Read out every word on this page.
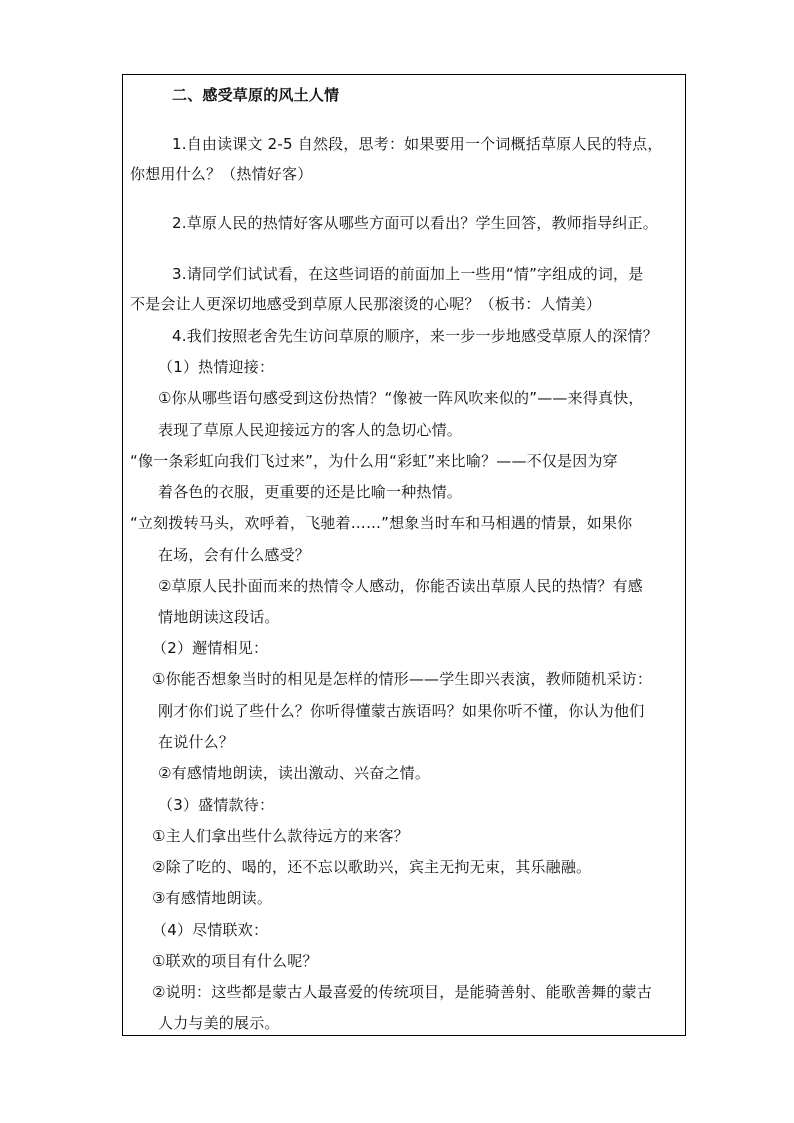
二、感受草原的风土人情
1.自由读课文 2-5 自然段，思考：如果要用一个词概括草原人民的特点，
你想用什么？（热情好客）
2.草原人民的热情好客从哪些方面可以看出？学生回答，教师指导纠正。
3.请同学们试试看，在这些词语的前面加上一些用“情”字组成的词，是
不是会让人更深切地感受到草原人民那滚烫的心呢？（板书：人情美）
4.我们按照老舍先生访问草原的顺序，来一步一步地感受草原人的深情？
（1）热情迎接：
①你从哪些语句感受到这份热情？“像被一阵风吹来似的”——来得真快，
表现了草原人民迎接远方的客人的急切心情。
“像一条彩虹向我们飞过来”，为什么用“彩虹”来比喻？——不仅是因为穿
着各色的衣服，更重要的还是比喻一种热情。
“立刻拨转马头，欢呼着，飞驰着……”想象当时车和马相遇的情景，如果你
在场，会有什么感受？
②草原人民扑面而来的热情令人感动，你能否读出草原人民的热情？有感
情地朗读这段话。
（2）邂情相见：
①你能否想象当时的相见是怎样的情形——学生即兴表演，教师随机采访：
刚才你们说了些什么？你听得懂蒙古族语吗？如果你听不懂，你认为他们
在说什么？
②有感情地朗读，读出激动、兴奋之情。
（3）盛情款待：
①主人们拿出些什么款待远方的来客？
②除了吃的、喝的，还不忘以歌助兴，宾主无拘无束，其乐融融。
③有感情地朗读。
（4）尽情联欢：
①联欢的项目有什么呢？
②说明：这些都是蒙古人最喜爱的传统项目，是能骑善射、能歌善舞的蒙古
人力与美的展示。
